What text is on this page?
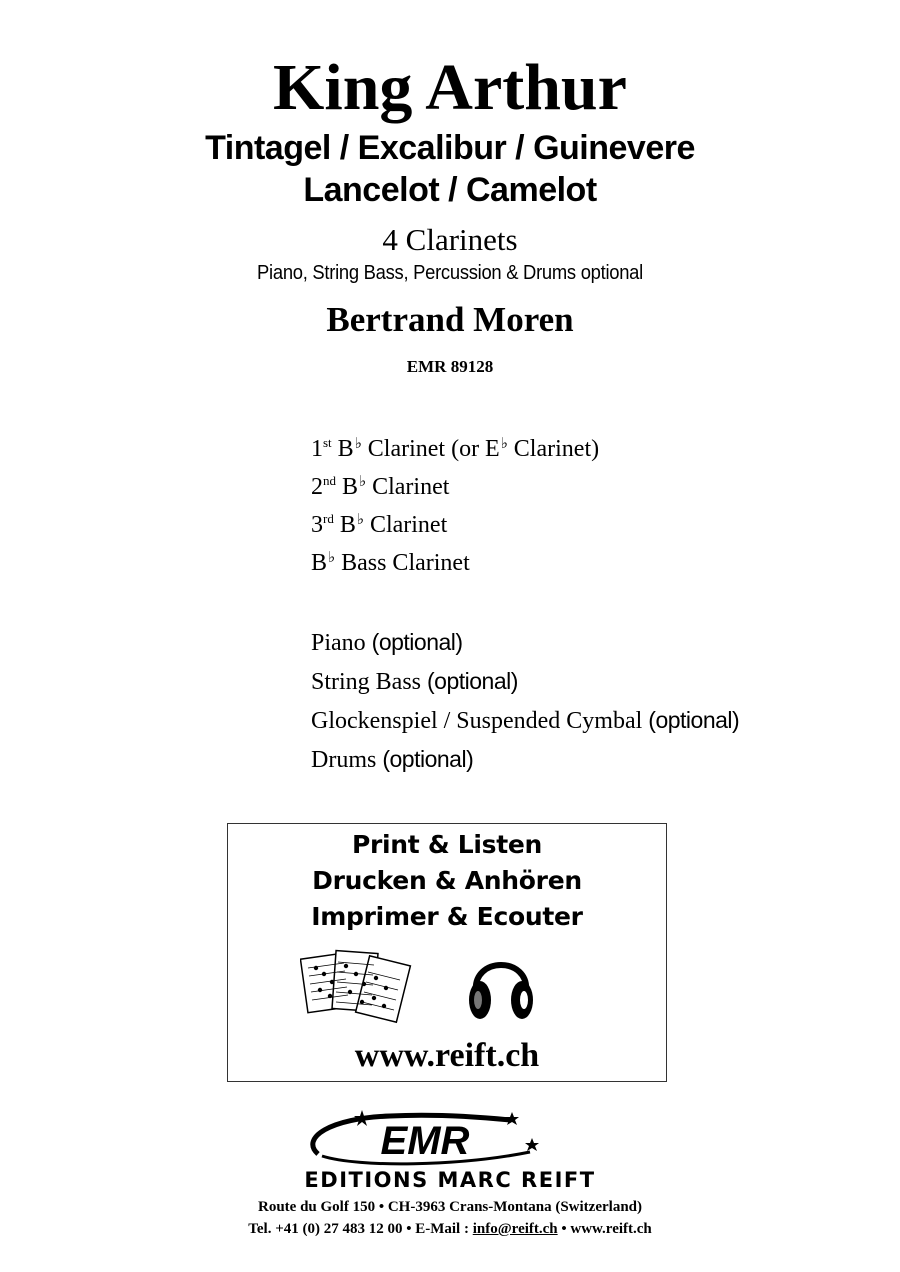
King Arthur
Tintagel / Excalibur / Guinevere
Lancelot / Camelot
4 Clarinets
Piano, String Bass, Percussion & Drums optional
Bertrand Moren
EMR 89128
1st B♭ Clarinet (or E♭ Clarinet)
2nd B♭ Clarinet
3rd B♭ Clarinet
B♭ Bass Clarinet
Piano (optional)
String Bass (optional)
Glockenspiel / Suspended Cymbal (optional)
Drums (optional)
Print & Listen
Drucken & Anhören
Imprimer & Ecouter
www.reift.ch
EMR
EDITIONS MARC REIFT
Route du Golf 150 • CH-3963 Crans-Montana (Switzerland)
Tel. +41 (0) 27 483 12 00 • E-Mail : info@reift.ch • www.reift.ch
